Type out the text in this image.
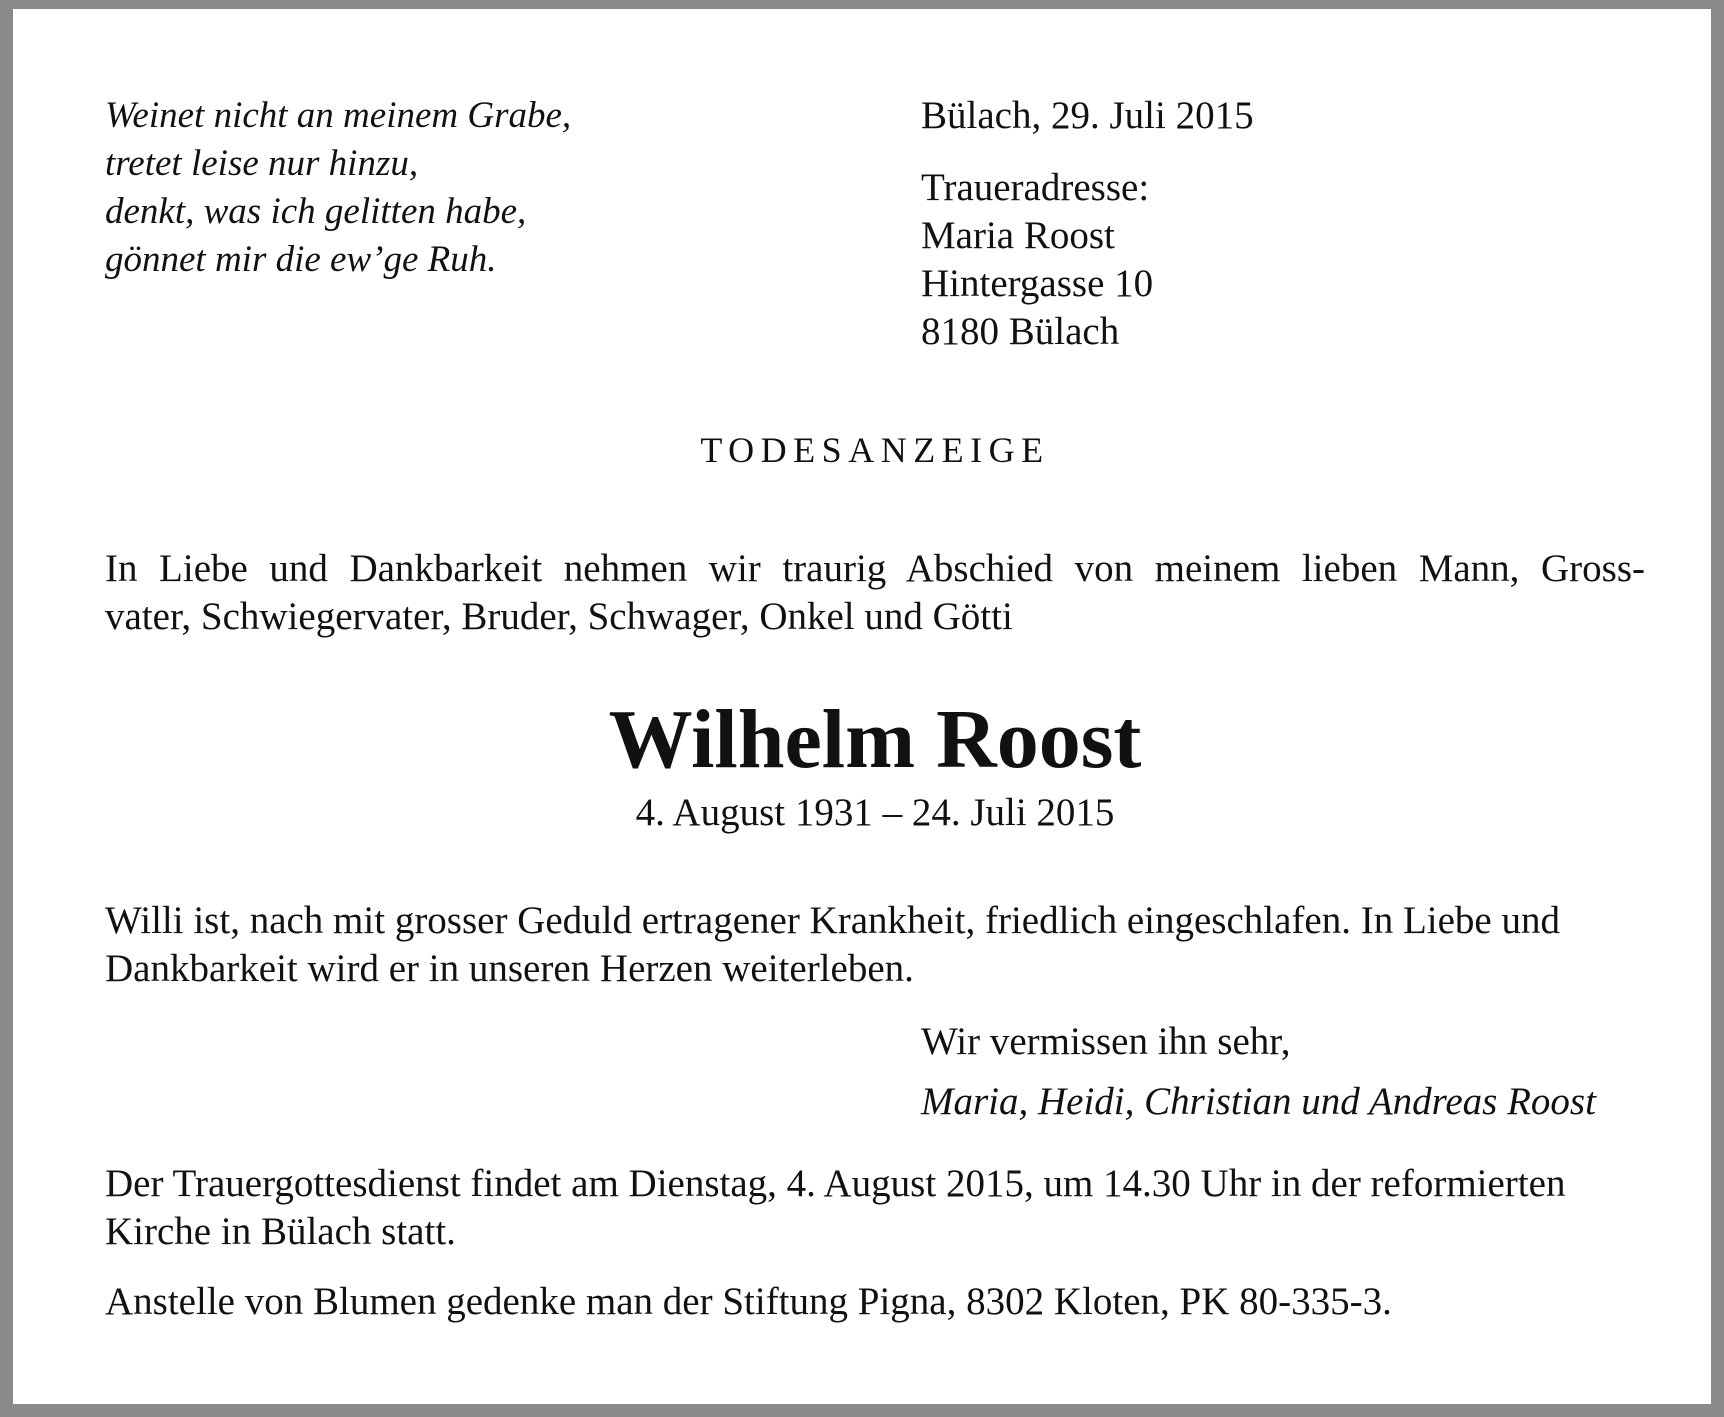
Weinet nicht an meinem Grabe,
tretet leise nur hinzu,
denkt, was ich gelitten habe,
gönnet mir die ew’ge Ruh.
Bülach, 29. Juli 2015
Traueradresse:
Maria Roost
Hintergasse 10
8180 Bülach
TODESANZEIGE
In Liebe und Dankbarkeit nehmen wir traurig Abschied von meinem lieben Mann, Gross-
vater, Schwiegervater, Bruder, Schwager, Onkel und Götti
Wilhelm Roost
4. August 1931 – 24. Juli 2015
Willi ist, nach mit grosser Geduld ertragener Krankheit, friedlich eingeschlafen. In Liebe und
Dankbarkeit wird er in unseren Herzen weiterleben.
Wir vermissen ihn sehr,
Maria, Heidi, Christian und Andreas Roost
Der Trauergottesdienst findet am Dienstag, 4. August 2015, um 14.30 Uhr in der reformierten
Kirche in Bülach statt.
Anstelle von Blumen gedenke man der Stiftung Pigna, 8302 Kloten, PK 80-335-3.
